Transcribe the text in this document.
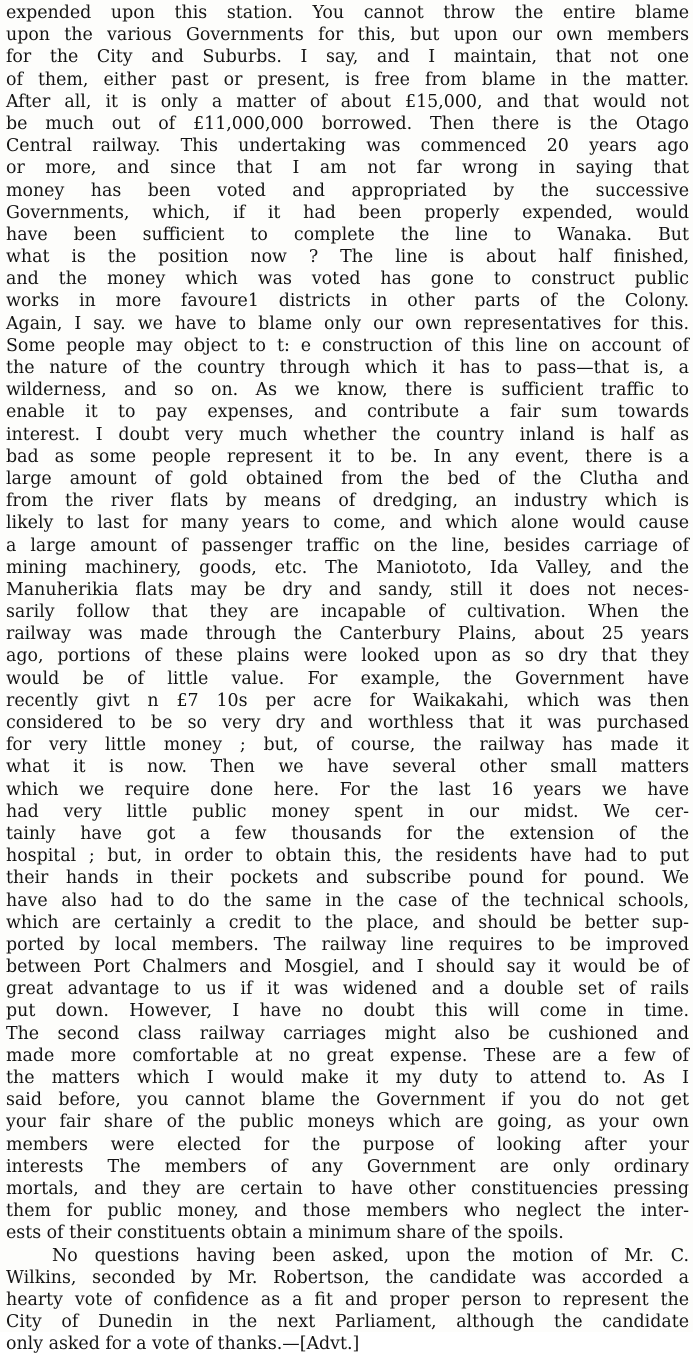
expended upon this station. You cannot throw the entire blame
upon the various Governments for this, but upon our own members
for the City and Suburbs. I say, and I maintain, that not one
of them, either past or present, is free from blame in the matter.
After all, it is only a matter of about £15,000, and that would not
be much out of £11,000,000 borrowed. Then there is the Otago
Central railway. This undertaking was commenced 20 years ago
or more, and since that I am not far wrong in saying that
money has been voted and appropriated by the successive
Governments, which, if it had been properly expended, would
have been sufficient to complete the line to Wanaka. But
what is the position now ? The line is about half finished,
and the money which was voted has gone to construct public
works in more favoure1 districts in other parts of the Colony.
Again, I say. we have to blame only our own representatives for this.
Some people may object to t: e construction of this line on account of
the nature of the country through which it has to pass—that is, a
wilderness, and so on. As we know, there is sufficient traffic to
enable it to pay expenses, and contribute a fair sum towards
interest. I doubt very much whether the country inland is half as
bad as some people represent it to be. In any event, there is a
large amount of gold obtained from the bed of the Clutha and
from the river flats by means of dredging, an industry which is
likely to last for many years to come, and which alone would cause
a large amount of passenger traffic on the line, besides carriage of
mining machinery, goods, etc. The Maniototo, Ida Valley, and the
Manuherikia flats may be dry and sandy, still it does not neces-
sarily follow that they are incapable of cultivation. When the
railway was made through the Canterbury Plains, about 25 years
ago, portions of these plains were looked upon as so dry that they
would be of little value. For example, the Government have
recently givt n £7 10s per acre for Waikakahi, which was then
considered to be so very dry and worthless that it was purchased
for very little money ; but, of course, the railway has made it
what it is now. Then we have several other small matters
which we require done here. For the last 16 years we have
had very little public money spent in our midst. We cer-
tainly have got a few thousands for the extension of the
hospital ; but, in order to obtain this, the residents have had to put
their hands in their pockets and subscribe pound for pound. We
have also had to do the same in the case of the technical schools,
which are certainly a credit to the place, and should be better sup-
ported by local members. The railway line requires to be improved
between Port Chalmers and Mosgiel, and I should say it would be of
great advantage to us if it was widened and a double set of rails
put down. However, I have no doubt this will come in time.
The second class railway carriages might also be cushioned and
made more comfortable at no great expense. These are a few of
the matters which I would make it my duty to attend to. As I
said before, you cannot blame the Government if you do not get
your fair share of the public moneys which are going, as your own
members were elected for the purpose of looking after your
interests The members of any Government are only ordinary
mortals, and they are certain to have other constituencies pressing
them for public money, and those members who neglect the inter-
ests of their constituents obtain a minimum share of the spoils.
No questions having been asked, upon the motion of Mr. C.
Wilkins, seconded by Mr. Robertson, the candidate was accorded a
hearty vote of confidence as a fit and proper person to represent the
City of Dunedin in the next Parliament, although the candidate
only asked for a vote of thanks.—[Advt.]
